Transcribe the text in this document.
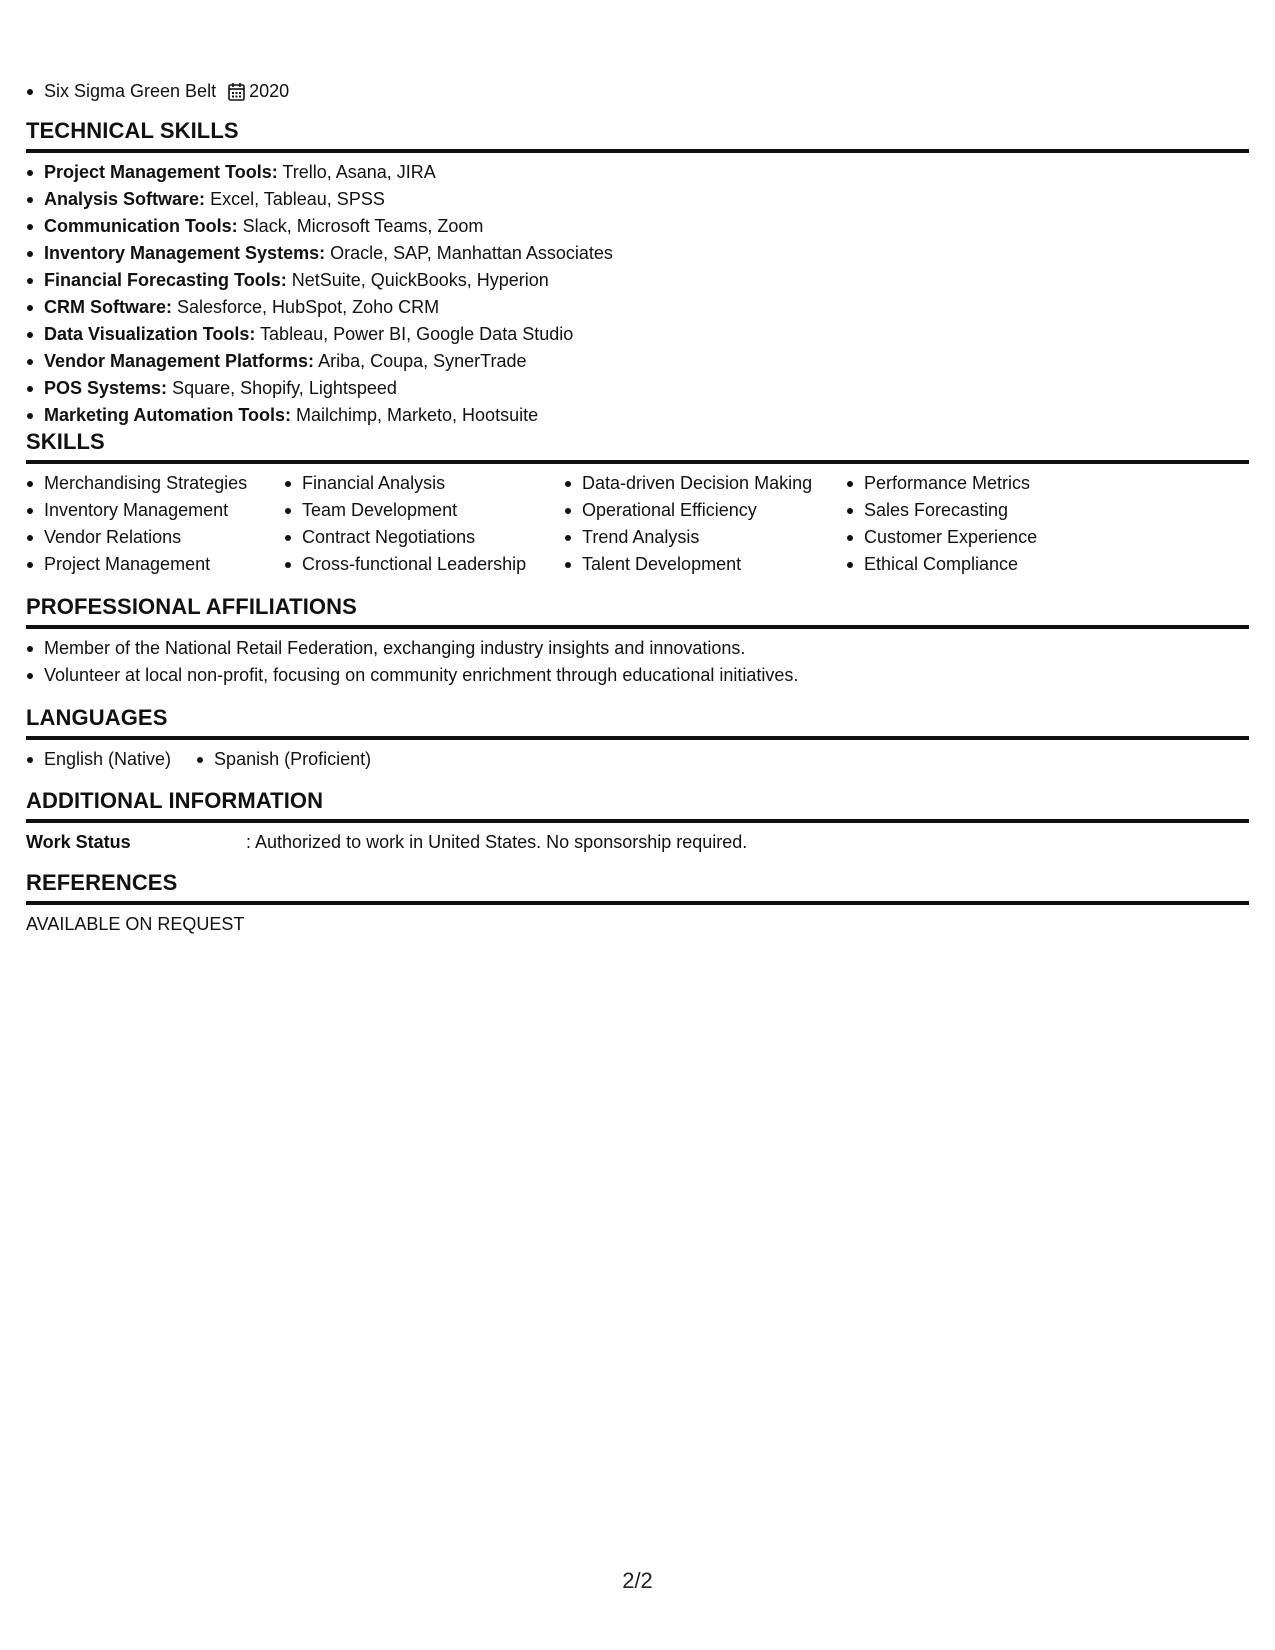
Six Sigma Green Belt 2020
TECHNICAL SKILLS
Project Management Tools: Trello, Asana, JIRA
Analysis Software: Excel, Tableau, SPSS
Communication Tools: Slack, Microsoft Teams, Zoom
Inventory Management Systems: Oracle, SAP, Manhattan Associates
Financial Forecasting Tools: NetSuite, QuickBooks, Hyperion
CRM Software: Salesforce, HubSpot, Zoho CRM
Data Visualization Tools: Tableau, Power BI, Google Data Studio
Vendor Management Platforms: Ariba, Coupa, SynerTrade
POS Systems: Square, Shopify, Lightspeed
Marketing Automation Tools: Mailchimp, Marketo, Hootsuite
SKILLS
Merchandising Strategies
Inventory Management
Vendor Relations
Project Management
Financial Analysis
Team Development
Contract Negotiations
Cross-functional Leadership
Data-driven Decision Making
Operational Efficiency
Trend Analysis
Talent Development
Performance Metrics
Sales Forecasting
Customer Experience
Ethical Compliance
PROFESSIONAL AFFILIATIONS
Member of the National Retail Federation, exchanging industry insights and innovations.
Volunteer at local non-profit, focusing on community enrichment through educational initiatives.
LANGUAGES
English (Native)	Spanish (Proficient)
ADDITIONAL INFORMATION
Work Status	: Authorized to work in United States. No sponsorship required.
REFERENCES
AVAILABLE ON REQUEST
2/2
